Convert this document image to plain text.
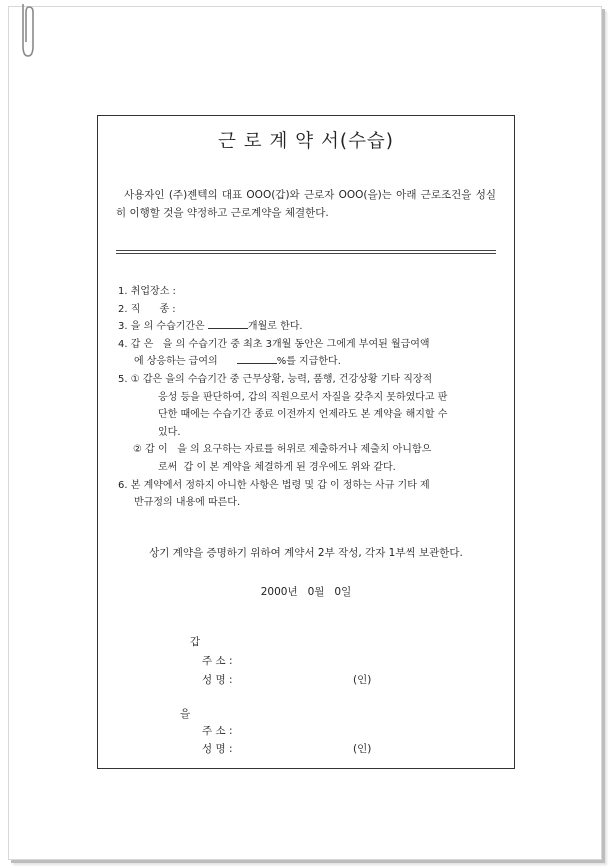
근 로 계 약 서(수습)
사용자인 (주)젠텍의 대표 OOO(갑)와 근로자 OOO(을)는 아래 근로조건을 성실히 이행할 것을 약정하고 근로계약을 체결한다.

1. 취업장소 :

2. 직      종 :

3. 을 의 수습기간은	개월로 한다.

4. 갑 은   을 의 수습기간 중 최초 3개월 동안은 그에게 부여된 월급여액

에 상응하는 급여의	%를 지급한다.

5. ① 갑은 을의 수습기간 중 근무상황, 능력, 품행, 건강상황 기타 직장적

응성 등을 판단하여, 갑의 직원으로서 자질을 갖추지 못하였다고 판

단한 때에는 수습기간 종료 이전까지 언제라도 본 계약을 해지할 수

있다.

② 갑 이   을 의 요구하는 자료를 허위로 제출하거나 제출치 아니함으

로써  갑 이 본 계약을 체결하게 된 경우에도 위와 같다.

6. 본 계약에서 정하지 아니한 사항은 법령 및 갑 이 정하는 사규 기타 제

반규정의 내용에 따른다.

상기 계약을 증명하기 위하여 계약서 2부 작성, 각자 1부씩 보관한다.
2000년   0월   0일
갑
주 소 :
성 명 :	(인)
을
주 소 :
성 명 :	(인)
